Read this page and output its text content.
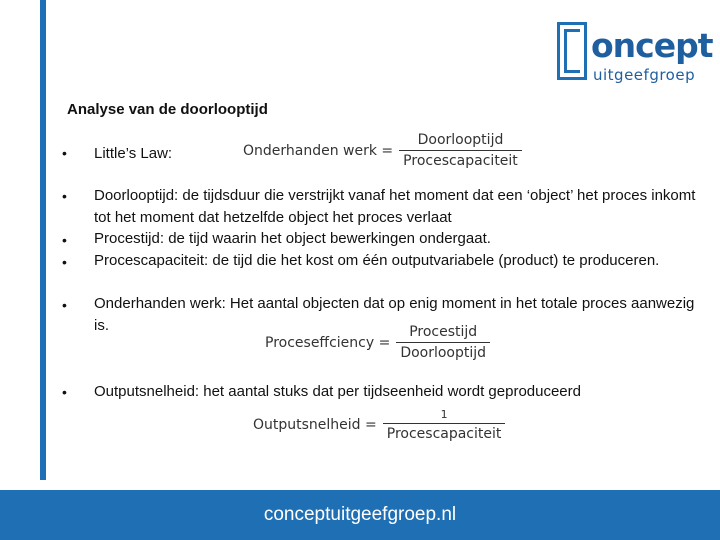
oncept
uitgeefgroep
Analyse van de doorlooptijd
• Little’s Law:	Onderhanden werk = $\frac{\text{Doorlooptijd}}{\text{Procescapaciteit}}$
• Doorlooptijd: de tijdsduur die verstrijkt vanaf het moment dat een ‘object’ het proces inkomt tot het moment dat hetzelfde object het proces verlaat
• Procestijd: de tijd waarin het object bewerkingen ondergaat.
• Procescapaciteit: de tijd die het kost om één outputvariabele (product) te produceren.
• Onderhanden werk: Het aantal objecten dat op enig moment in het totale proces aanwezig is.
Proceseffciency = $\frac{\text{Procestijd}}{\text{Doorlooptijd}}$
• Outputsnelheid: het aantal stuks dat per tijdseenheid wordt geproduceerd
Outputsnelheid = $\frac{1}{\text{Procescapaciteit}}$
conceptuitgeefgroep.nl
